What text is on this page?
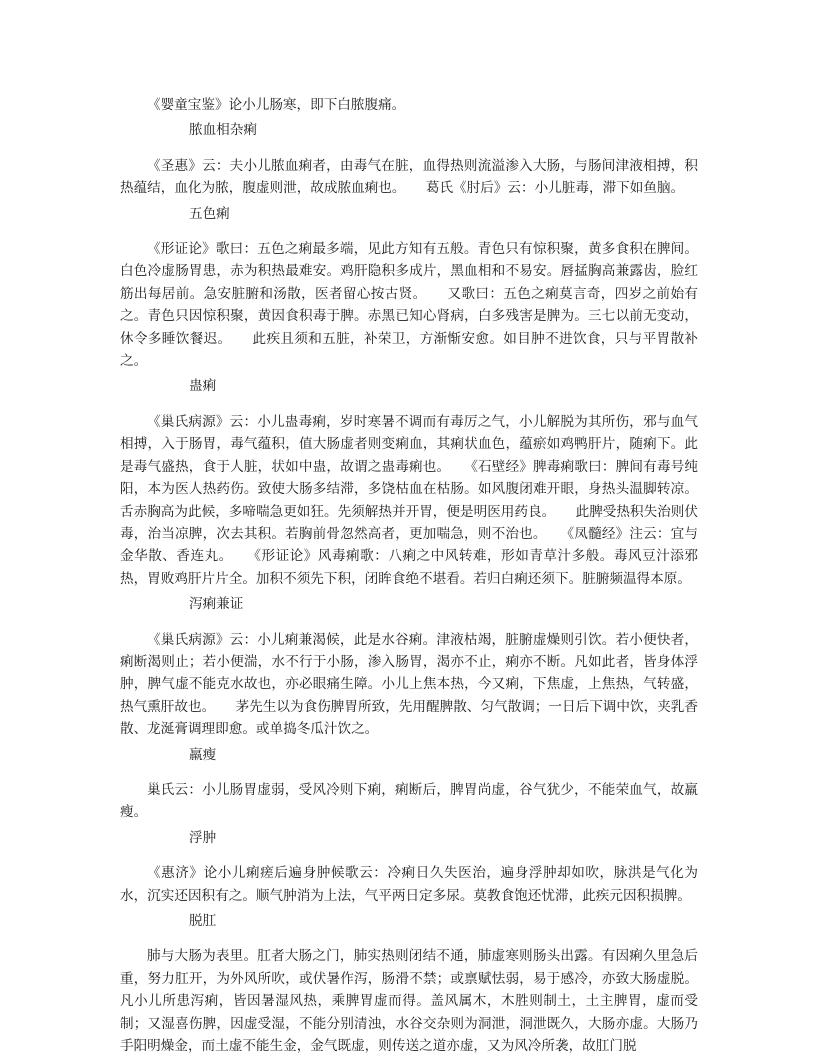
《婴童宝鉴》论小儿肠寒，即下白脓腹痛。

脓血相杂痢

《圣惠》云：夫小儿脓血痢者，由毒气在脏，血得热则流溢渗入大肠，与肠间津液相搏，积热蕴结，血化为脓，腹虚则泄，故成脓血痢也。　　葛氏《肘后》云：小儿脏毒，滞下如鱼脑。

五色痢

《形证论》歌曰：五色之痢最多端，见此方知有五般。青色只有惊积聚，黄多食积在脾间。白色冷虚肠胃患，赤为积热最难安。鸡肝隐积多成片，黑血相和不易安。唇掹胸高兼露齿，脸红筋出每居前。急安脏腑和汤散，医者留心按古贤。　　又歌曰：五色之痢莫言奇，四岁之前始有之。青色只因惊积聚，黄因食积毒于脾。赤黑已知心肾病，白多残害是脾为。三七以前无变动，休令多睡饮餐迟。　　此疾且须和五脏，补荣卫，方渐惭安愈。如目肿不进饮食，只与平胃散补之。

蛊痢

《巢氏病源》云：小儿蛊毒痢，岁时寒暑不调而有毒厉之气，小儿解脱为其所伤，邪与血气相搏，入于肠胃，毒气蕴积，值大肠虚者则变痢血，其痢状血色，蕴瘀如鸡鸭肝片，随痢下。此是毒气盛热，食于人脏，状如中蛊，故谓之蛊毒痢也。　　《石壁经》脾毒痢歌曰：脾间有毒号纯阳，本为医人热药伤。致使大肠多结滞，多饶枯血在枯肠。如风腹闭难开眼，身热头温脚转凉。舌赤胸高为此候，多啼喘急更如狂。先须解热并开胃，便是明医用药良。　　此脾受热积失治则伏毒，治当凉脾，次去其积。若胸前骨忽然高者，更加喘急，则不治也。　　《凤髓经》注云：宜与金华散、香连丸。　　《形证论》风毒痢歌：八痢之中风转难，形如青草汁多般。毒风豆汁添邪热，胃败鸡肝片片全。加积不须先下积，闭眸食绝不堪看。若归白痢还须下。脏腑频温得本原。

泻痢兼证

《巢氏病源》云：小儿痢兼渴候，此是水谷痢。津液枯竭，脏腑虚燥则引饮。若小便快者，痢断渴则止；若小便湍，水不行于小肠，渗入肠胃，渴亦不止，痢亦不断。凡如此者，皆身体浮肿，脾气虚不能克水故也，亦必眼痛生障。小儿上焦本热，今又痢，下焦虚，上焦热，气转盛，热气熏肝故也。　　茅先生以为食伤脾胃所致，先用醒脾散、匀气散调；一日后下调中饮，夹乳香散、龙涎膏调理即愈。或单捣冬瓜汁饮之。

羸瘦

巢氏云：小儿肠胃虚弱，受风冷则下痢，痢断后，脾胃尚虚，谷气犹少，不能荣血气，故羸瘦。

浮肿

《惠济》论小儿痢瘥后遍身肿候歌云：冷痢日久失医治，遍身浮肿却如吹，脉洪是气化为水，沉实还因积有之。顺气肿消为上法，气平两日定多尿。莫教食饱还忧滞，此疾元因积损脾。

脱肛

肺与大肠为表里。肛者大肠之门，肺实热则闭结不通，肺虚寒则肠头出露。有因痢久里急后重，努力肛开，为外风所吹，或伏暑作泻，肠滑不禁；或禀赋怯弱，易于感冷，亦致大肠虚脱。凡小儿所患泻痢，皆因暑湿风热，乘脾胃虚而得。盖风属木，木胜则制土，土主脾胃，虚而受制；又湿喜伤脾，因虚受湿，不能分别清浊，水谷交杂则为洞泄，洞泄既久，大肠亦虚。大肠乃手阳明燥金，而土虚不能生金，金气既虚，则传送之道亦虚，又为风冷所袭，故肛门脱
